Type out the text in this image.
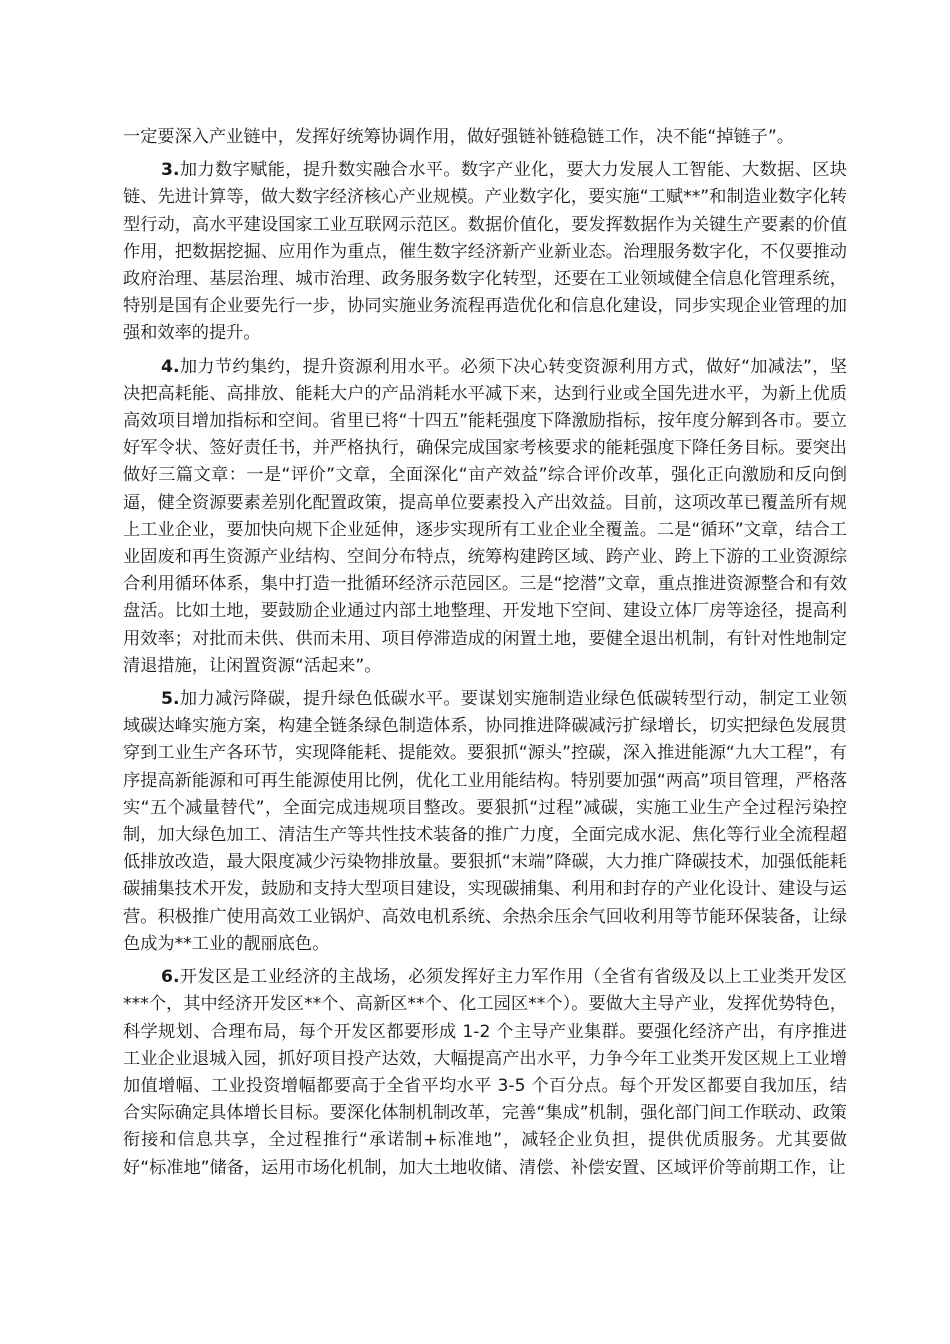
一定要深入产业链中，发挥好统筹协调作用，做好强链补链稳链工作，决不能“掉链子”。

3.加力数字赋能，提升数实融合水平。数字产业化，要大力发展人工智能、大数据、区块链、先进计算等，做大数字经济核心产业规模。产业数字化，要实施“工赋**”和制造业数字化转型行动，高水平建设国家工业互联网示范区。数据价值化，要发挥数据作为关键生产要素的价值作用，把数据挖掘、应用作为重点，催生数字经济新产业新业态。治理服务数字化，不仅要推动政府治理、基层治理、城市治理、政务服务数字化转型，还要在工业领域健全信息化管理系统，特别是国有企业要先行一步，协同实施业务流程再造优化和信息化建设，同步实现企业管理的加强和效率的提升。

4.加力节约集约，提升资源利用水平。必须下决心转变资源利用方式，做好“加减法”，坚决把高耗能、高排放、能耗大户的产品消耗水平减下来，达到行业或全国先进水平，为新上优质高效项目增加指标和空间。省里已将“十四五”能耗强度下降激励指标，按年度分解到各市。要立好军令状、签好责任书，并严格执行，确保完成国家考核要求的能耗强度下降任务目标。要突出做好三篇文章：一是“评价”文章，全面深化“亩产效益”综合评价改革，强化正向激励和反向倒逼，健全资源要素差别化配置政策，提高单位要素投入产出效益。目前，这项改革已覆盖所有规上工业企业，要加快向规下企业延伸，逐步实现所有工业企业全覆盖。二是“循环”文章，结合工业固废和再生资源产业结构、空间分布特点，统筹构建跨区域、跨产业、跨上下游的工业资源综合利用循环体系，集中打造一批循环经济示范园区。三是“挖潜”文章，重点推进资源整合和有效盘活。比如土地，要鼓励企业通过内部土地整理、开发地下空间、建设立体厂房等途径，提高利用效率；对批而未供、供而未用、项目停滞造成的闲置土地，要健全退出机制，有针对性地制定清退措施，让闲置资源“活起来”。

5.加力减污降碳，提升绿色低碳水平。要谋划实施制造业绿色低碳转型行动，制定工业领域碳达峰实施方案，构建全链条绿色制造体系，协同推进降碳减污扩绿增长，切实把绿色发展贯穿到工业生产各环节，实现降能耗、提能效。要狠抓“源头”控碳，深入推进能源“九大工程”，有序提高新能源和可再生能源使用比例，优化工业用能结构。特别要加强“两高”项目管理，严格落实“五个减量替代”，全面完成违规项目整改。要狠抓“过程”减碳，实施工业生产全过程污染控制，加大绿色加工、清洁生产等共性技术装备的推广力度，全面完成水泥、焦化等行业全流程超低排放改造，最大限度减少污染物排放量。要狠抓“末端”降碳，大力推广降碳技术，加强低能耗碳捕集技术开发，鼓励和支持大型项目建设，实现碳捕集、利用和封存的产业化设计、建设与运营。积极推广使用高效工业锅炉、高效电机系统、余热余压余气回收利用等节能环保装备，让绿色成为**工业的靓丽底色。

6.开发区是工业经济的主战场，必须发挥好主力军作用（全省有省级及以上工业类开发区***个，其中经济开发区**个、高新区**个、化工园区**个）。要做大主导产业，发挥优势特色，科学规划、合理布局，每个开发区都要形成 1-2 个主导产业集群。要强化经济产出，有序推进工业企业退城入园，抓好项目投产达效，大幅提高产出水平，力争今年工业类开发区规上工业增加值增幅、工业投资增幅都要高于全省平均水平 3-5 个百分点。每个开发区都要自我加压，结合实际确定具体增长目标。要深化体制机制改革，完善“集成”机制，强化部门间工作联动、政策衔接和信息共享，全过程推行“承诺制+标准地”，减轻企业负担，提供优质服务。尤其要做好“标准地”储备，运用市场化机制，加大土地收储、清偿、补偿安置、区域评价等前期工作，让
